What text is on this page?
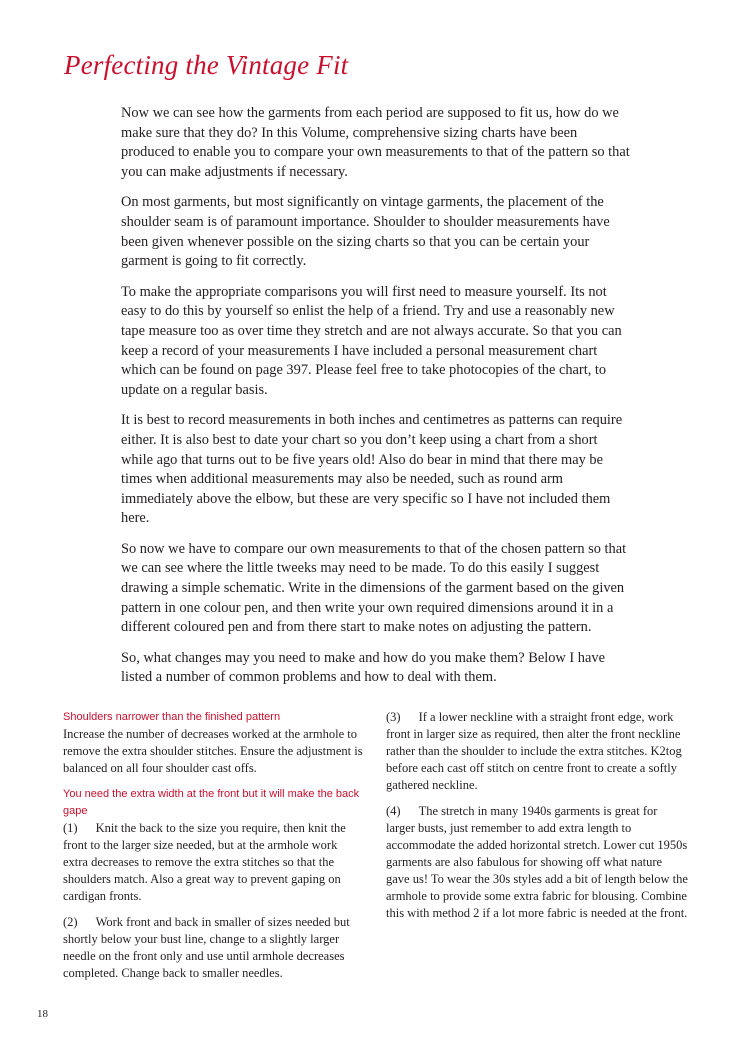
Perfecting the Vintage Fit

Now we can see how the garments from each period are supposed to fit us, how do we make sure that they do? In this Volume, comprehensive sizing charts have been produced to enable you to compare your own measurements to that of the pattern so that you can make adjustments if necessary.

On most garments, but most significantly on vintage garments, the placement of the shoulder seam is of paramount importance. Shoulder to shoulder measurements have been given whenever possible on the sizing charts so that you can be certain your garment is going to fit correctly.

To make the appropriate comparisons you will first need to measure yourself. Its not easy to do this by yourself so enlist the help of a friend. Try and use a reasonably new tape measure too as over time they stretch and are not always accurate. So that you can keep a record of your measurements I have included a personal measurement chart which can be found on page 397. Please feel free to take photocopies of the chart, to update on a regular basis.

It is best to record measurements in both inches and centimetres as patterns can require either. It is also best to date your chart so you don’t keep using a chart from a short while ago that turns out to be five years old! Also do bear in mind that there may be times when additional measurements may also be needed, such as round arm immediately above the elbow, but these are very specific so I have not included them here.

So now we have to compare our own measurements to that of the chosen pattern so that we can see where the little tweeks may need to be made. To do this easily I suggest drawing a simple schematic. Write in the dimensions of the garment based on the given pattern in one colour pen, and then write your own required dimensions around it in a different coloured pen and from there start to make notes on adjusting the pattern.

So, what changes may you need to make and how do you make them? Below I have listed a number of common problems and how to deal with them.

Shoulders narrower than the finished pattern

Increase the number of decreases worked at the armhole to remove the extra shoulder stitches. Ensure the adjustment is balanced on all four shoulder cast offs.

You need the extra width at the front but it will make the back gape

(1) Knit the back to the size you require, then knit the front to the larger size needed, but at the armhole work extra decreases to remove the extra stitches so that the shoulders match. Also a great way to prevent gaping on cardigan fronts.

(2) Work front and back in smaller of sizes needed but shortly below your bust line, change to a slightly larger needle on the front only and use until armhole decreases completed. Change back to smaller needles.

(3) If a lower neckline with a straight front edge, work front in larger size as required, then alter the front neckline rather than the shoulder to include the extra stitches. K2tog before each cast off stitch on centre front to create a softly gathered neckline.

(4) The stretch in many 1940s garments is great for larger busts, just remember to add extra length to accommodate the added horizontal stretch. Lower cut 1950s garments are also fabulous for showing off what nature gave us! To wear the 30s styles add a bit of length below the armhole to provide some extra fabric for blousing. Combine this with method 2 if a lot more fabric is needed at the front.

18
